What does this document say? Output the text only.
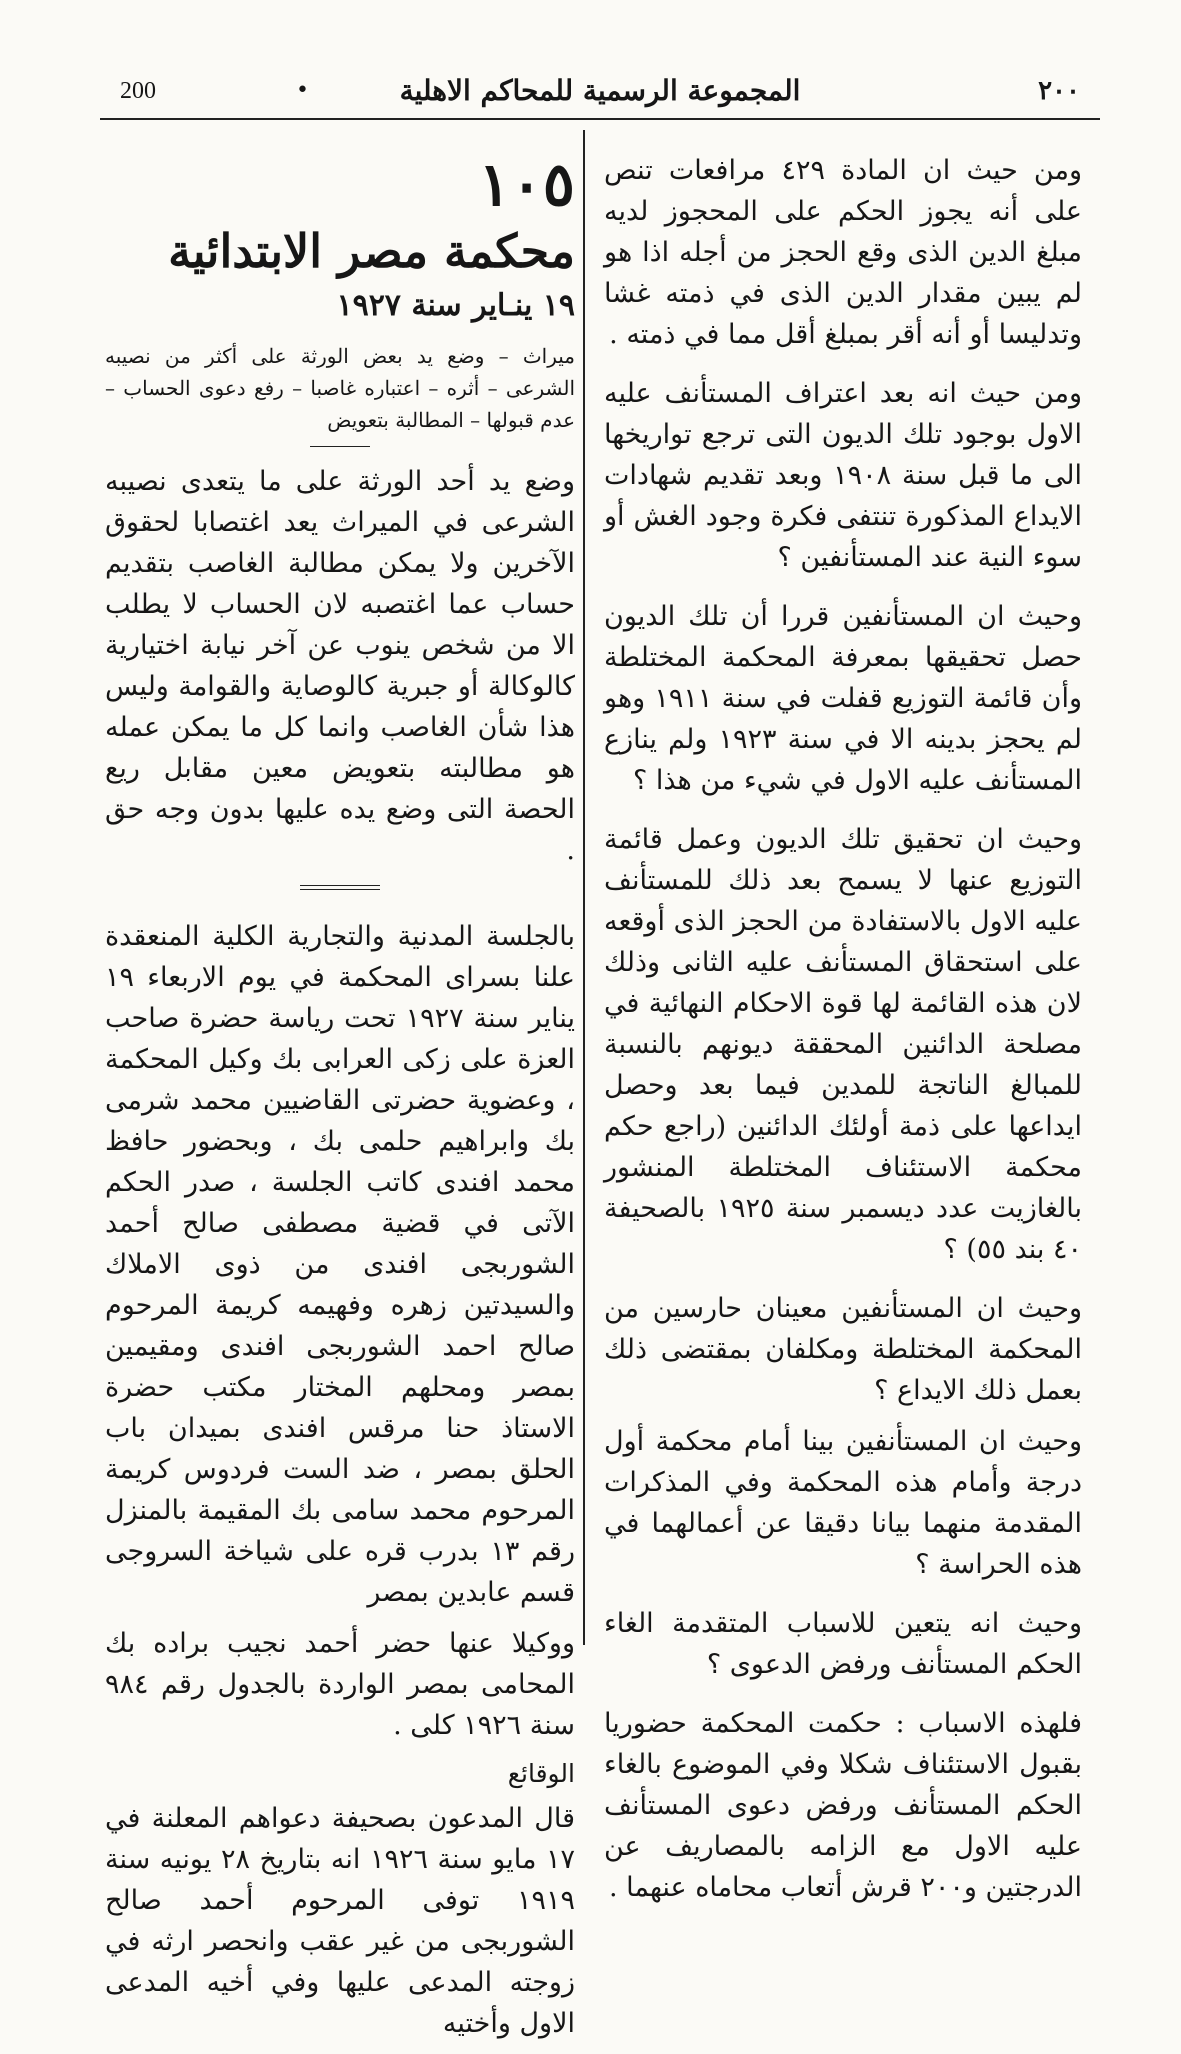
200	•	المجموعة الرسمية للمحاكم الاهلية	٢٠٠

ومن حيث ان المادة ٤٢٩ مرافعات تنص على أنه يجوز الحكم على المحجوز لديه مبلغ الدين الذى وقع الحجز من أجله اذا هو لم يبين مقدار الدين الذى في ذمته غشا وتدليسا أو أنه أقر بمبلغ أقل مما في ذمته .

ومن حيث انه بعد اعتراف المستأنف عليه الاول بوجود تلك الديون التى ترجع تواريخها الى ما قبل سنة ١٩٠٨ وبعد تقديم شهادات الايداع المذكورة تنتفى فكرة وجود الغش أو سوء النية عند المستأنفين ؟

وحيث ان المستأنفين قررا أن تلك الديون حصل تحقيقها بمعرفة المحكمة المختلطة وأن قائمة التوزيع قفلت في سنة ١٩١١ وهو لم يحجز بدينه الا في سنة ١٩٢٣ ولم ينازع المستأنف عليه الاول في شيء من هذا ؟

وحيث ان تحقيق تلك الديون وعمل قائمة التوزيع عنها لا يسمح بعد ذلك للمستأنف عليه الاول بالاستفادة من الحجز الذى أوقعه على استحقاق المستأنف عليه الثانى وذلك لان هذه القائمة لها قوة الاحكام النهائية في مصلحة الدائنين المحققة ديونهم بالنسبة للمبالغ الناتجة للمدين فيما بعد وحصل ايداعها على ذمة أولئك الدائنين (راجع حكم محكمة الاستئناف المختلطة المنشور بالغازيت عدد ديسمبر سنة ١٩٢٥ بالصحيفة ٤٠ بند ٥٥) ؟

وحيث ان المستأنفين معينان حارسين من المحكمة المختلطة ومكلفان بمقتضى ذلك بعمل ذلك الايداع ؟

وحيث ان المستأنفين بينا أمام محكمة أول درجة وأمام هذه المحكمة وفي المذكرات المقدمة منهما بيانا دقيقا عن أعمالهما في هذه الحراسة ؟

وحيث انه يتعين للاسباب المتقدمة الغاء الحكم المستأنف ورفض الدعوى ؟

فلهذه الاسباب : حكمت المحكمة حضوريا بقبول الاستئناف شكلا وفي الموضوع بالغاء الحكم المستأنف ورفض دعوى المستأنف عليه الاول مع الزامه بالمصاريف عن الدرجتين و٢٠٠ قرش أتعاب محاماه عنهما .

١٠٥

محكمة مصر الابتدائية

١٩ ينـاير سنة ١٩٢٧

ميراث – وضع يد بعض الورثة على أكثر من نصيبه الشرعى – أثره – اعتباره غاصبا – رفع دعوى الحساب – عدم قبولها – المطالبة بتعويض

وضع يد أحد الورثة على ما يتعدى نصيبه الشرعى في الميراث يعد اغتصابا لحقوق الآخرين ولا يمكن مطالبة الغاصب بتقديم حساب عما اغتصبه لان الحساب لا يطلب الا من شخص ينوب عن آخر نيابة اختيارية كالوكالة أو جبرية كالوصاية والقوامة وليس هذا شأن الغاصب وانما كل ما يمكن عمله هو مطالبته بتعويض معين مقابل ريع الحصة التى وضع يده عليها بدون وجه حق .

بالجلسة المدنية والتجارية الكلية المنعقدة علنا بسراى المحكمة في يوم الاربعاء ١٩ يناير سنة ١٩٢٧ تحت رياسة حضرة صاحب العزة على زكى العرابى بك وكيل المحكمة ، وعضوية حضرتى القاضيين محمد شرمى بك وابراهيم حلمى بك ، وبحضور حافظ محمد افندى كاتب الجلسة ، صدر الحكم الآتى في قضية مصطفى صالح أحمد الشوربجى افندى من ذوى الاملاك والسيدتين زهره وفهيمه كريمة المرحوم صالح احمد الشوربجى افندى ومقيمين بمصر ومحلهم المختار مكتب حضرة الاستاذ حنا مرقس افندى بميدان باب الحلق بمصر ، ضد الست فردوس كريمة المرحوم محمد سامى بك المقيمة بالمنزل رقم ١٣ بدرب قره على شياخة السروجى قسم عابدين بمصر

ووكيلا عنها حضر أحمد نجيب براده بك المحامى بمصر الواردة بالجدول رقم ٩٨٤ سنة ١٩٢٦ كلى .

الوقائع

قال المدعون بصحيفة دعواهم المعلنة في ١٧ مايو سنة ١٩٢٦ انه بتاريخ ٢٨ يونيه سنة ١٩١٩ توفى المرحوم أحمد صالح الشوربجى من غير عقب وانحصر ارثه في زوجته المدعى عليها وفي أخيه المدعى الاول وأختيه
